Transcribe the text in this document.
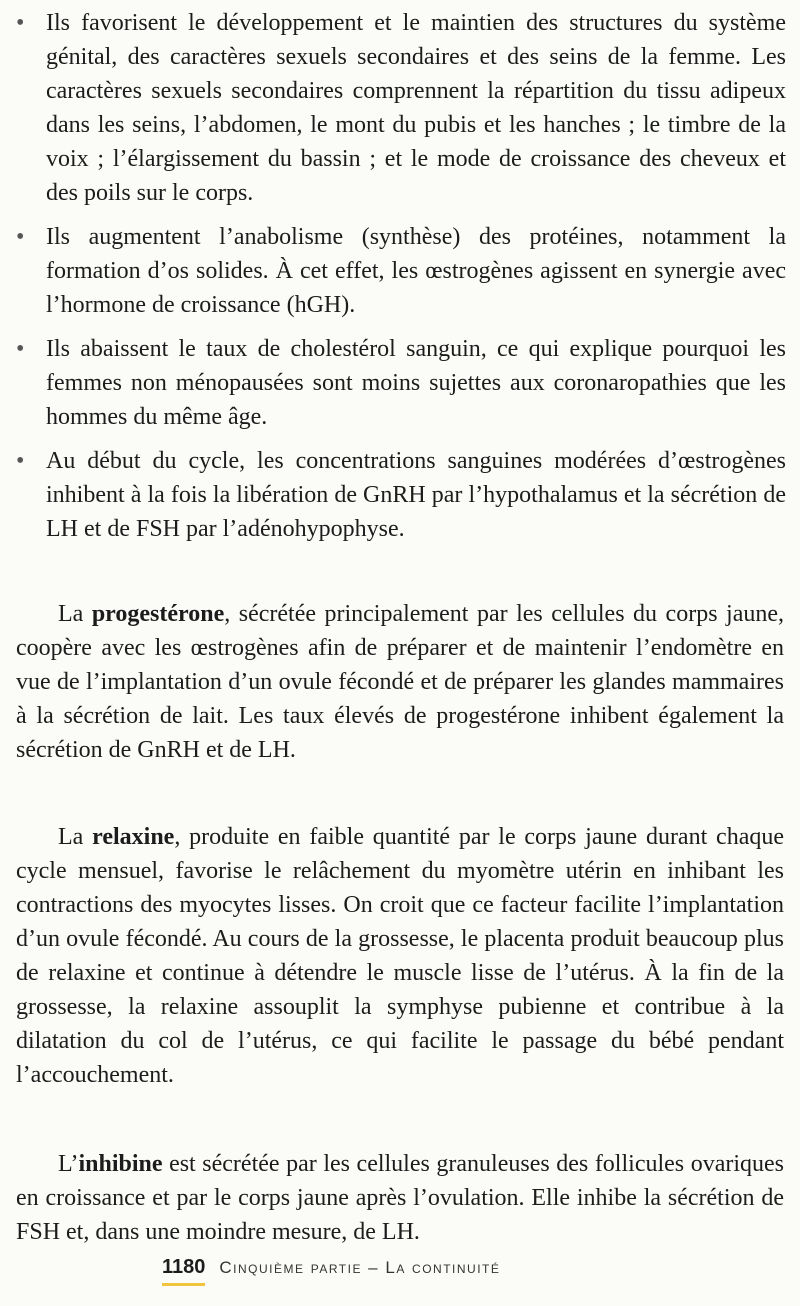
• Ils favorisent le développement et le maintien des structures du système génital, des caractères sexuels secondaires et des seins de la femme. Les caractères sexuels secondaires comprennent la répartition du tissu adipeux dans les seins, l’abdomen, le mont du pubis et les hanches ; le timbre de la voix ; l’élargissement du bassin ; et le mode de croissance des cheveux et des poils sur le corps.
• Ils augmentent l’anabolisme (synthèse) des protéines, notamment la formation d’os solides. À cet effet, les œstrogènes agissent en synergie avec l’hormone de croissance (hGH).
• Ils abaissent le taux de cholestérol sanguin, ce qui explique pourquoi les femmes non ménopausées sont moins sujettes aux coronaropathies que les hommes du même âge.
• Au début du cycle, les concentrations sanguines modérées d’œstrogènes inhibent à la fois la libération de GnRH par l’hypothalamus et la sécrétion de LH et de FSH par l’adénohypophyse.

La progestérone, sécrétée principalement par les cellules du corps jaune, coopère avec les œstrogènes afin de préparer et de maintenir l’endomètre en vue de l’implantation d’un ovule fécondé et de préparer les glandes mammaires à la sécrétion de lait. Les taux élevés de progestérone inhibent également la sécrétion de GnRH et de LH.

La relaxine, produite en faible quantité par le corps jaune durant chaque cycle mensuel, favorise le relâchement du myomètre utérin en inhibant les contractions des myocytes lisses. On croit que ce facteur facilite l’implantation d’un ovule fécondé. Au cours de la grossesse, le placenta produit beaucoup plus de relaxine et continue à détendre le muscle lisse de l’utérus. À la fin de la grossesse, la relaxine assouplit la symphyse pubienne et contribue à la dilatation du col de l’utérus, ce qui facilite le passage du bébé pendant l’accouchement.

L’inhibine est sécrétée par les cellules granuleuses des follicules ovariques en croissance et par le corps jaune après l’ovulation. Elle inhibe la sécrétion de FSH et, dans une moindre mesure, de LH.

1180 Cinquième partie – La continuité
